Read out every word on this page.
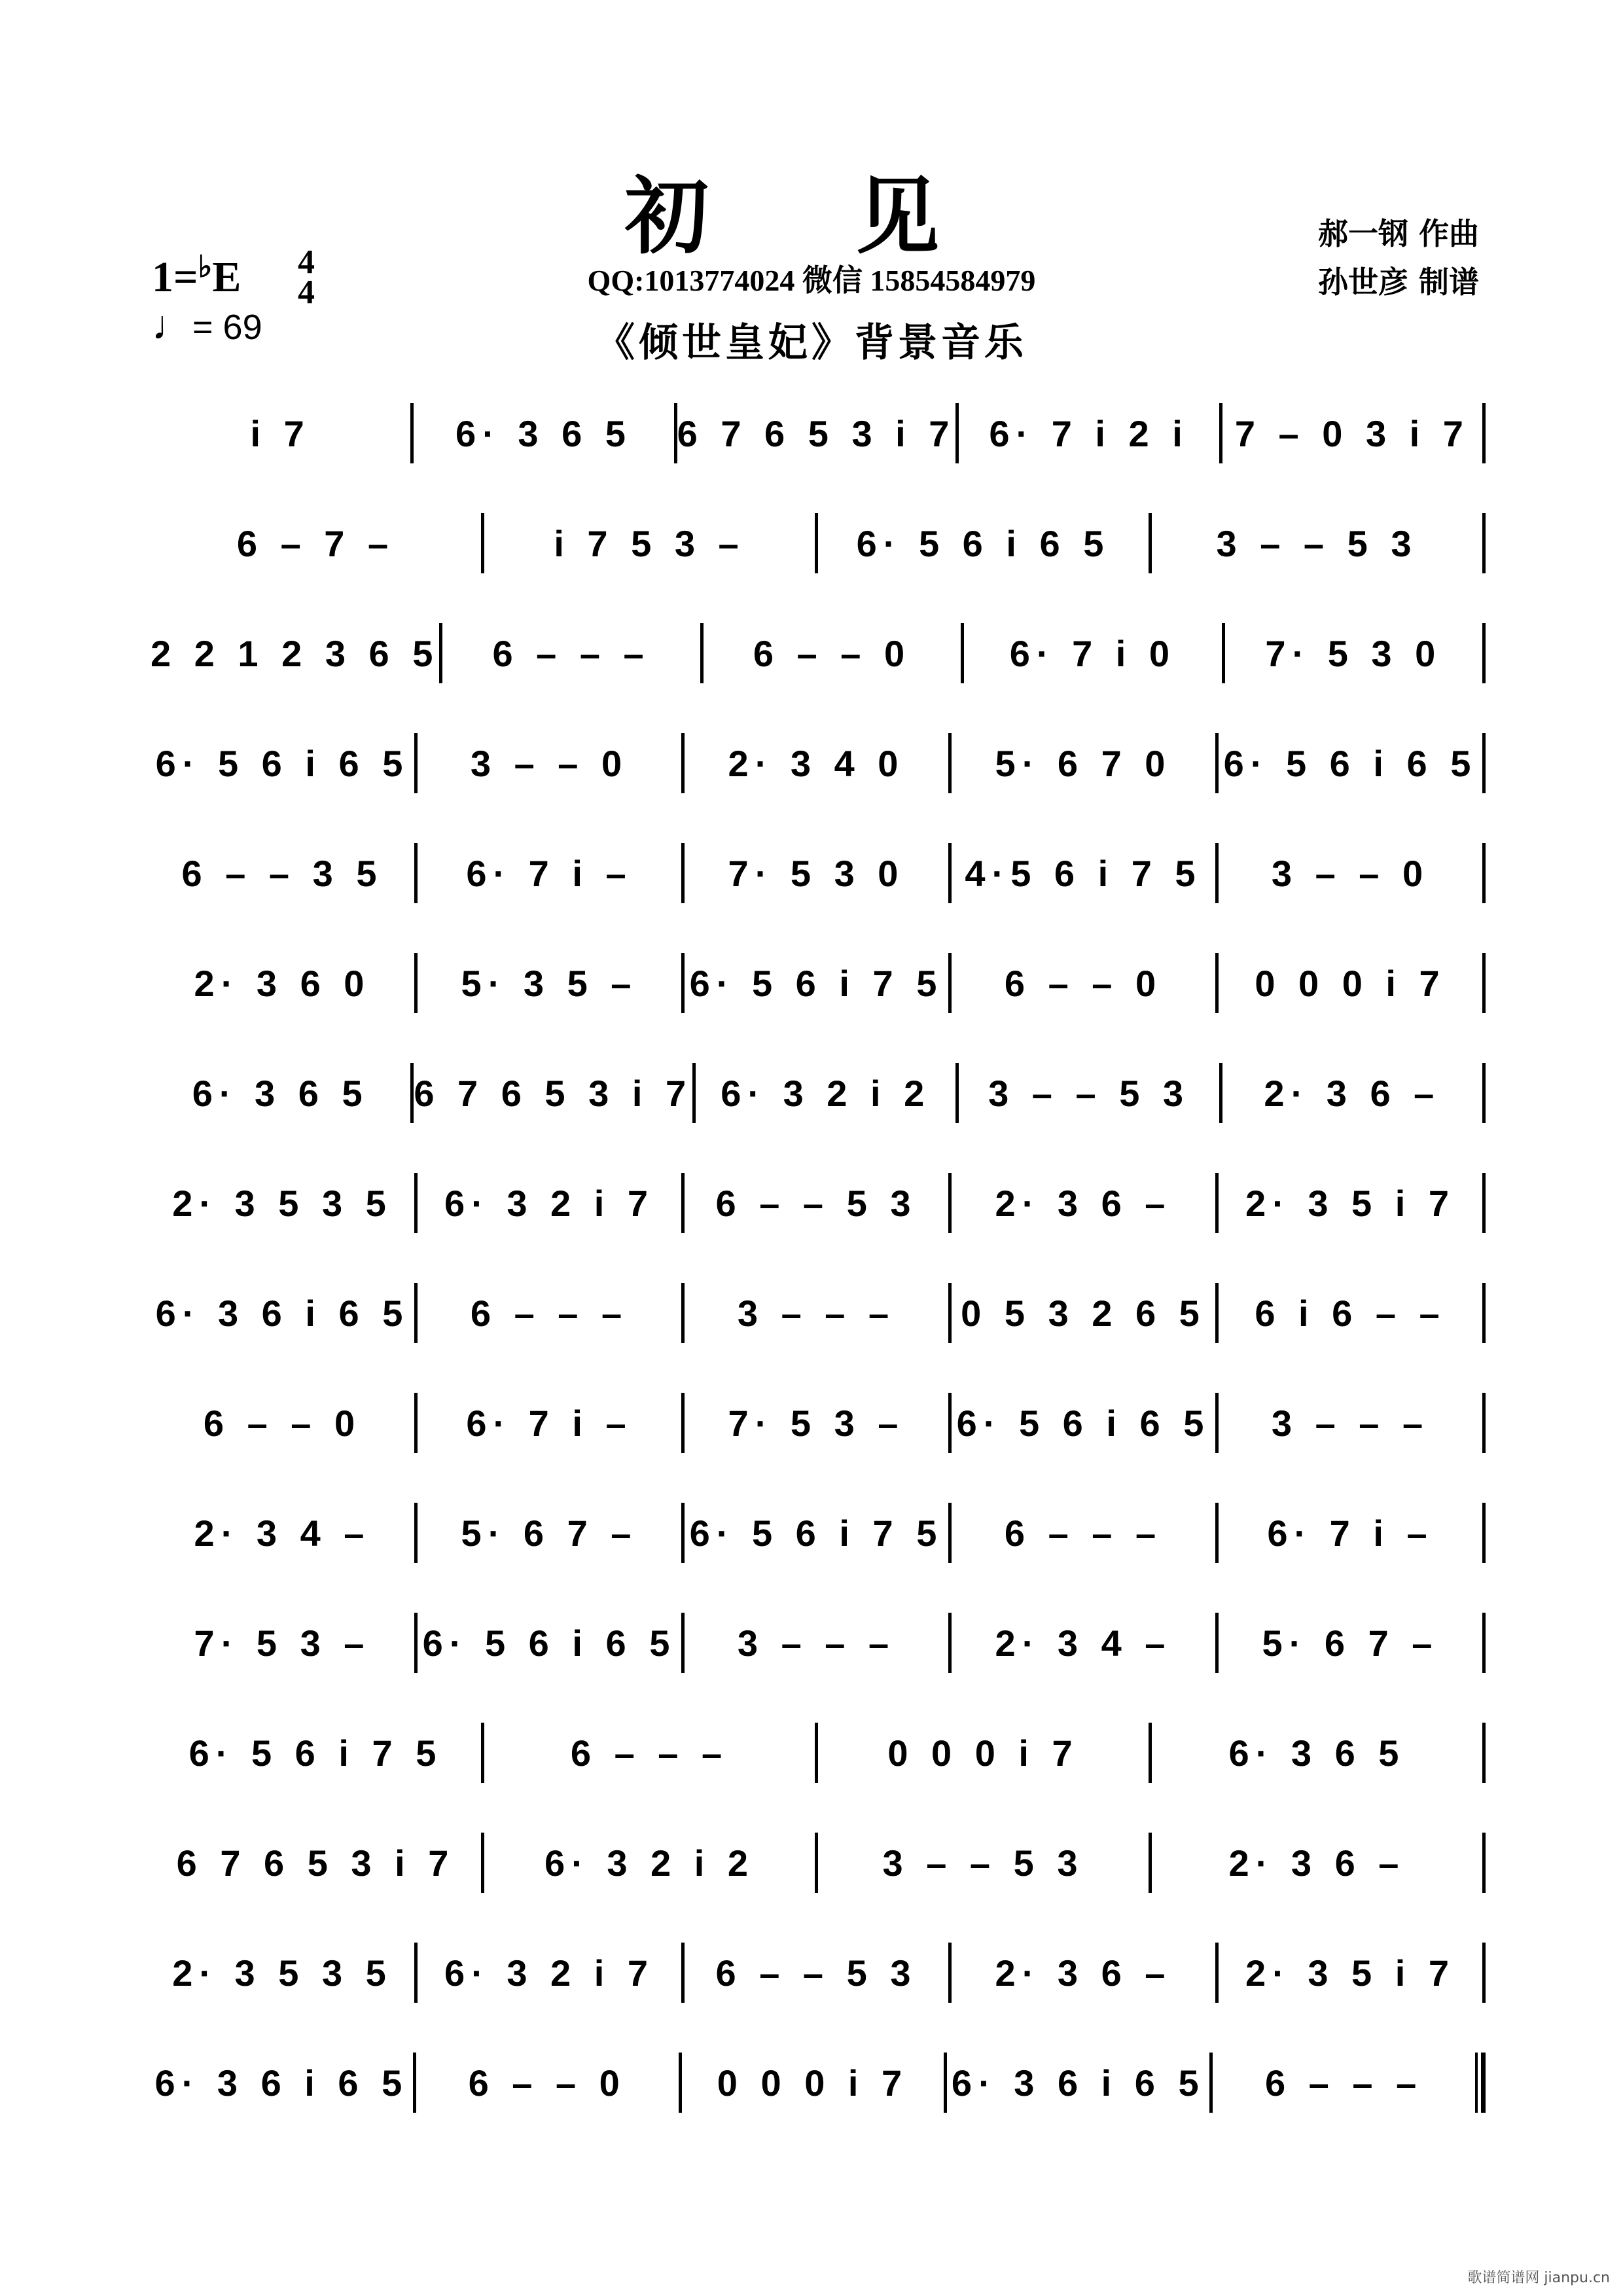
初 见
QQ:1013774024 微信 15854584979
《倾世皇妃》背景音乐
郝一钢 作曲
孙世彦 制谱
1=♭E 4
4
♩= 69
i 7	6· 3 6 5	6 7 6 5 3 i 7 6· 7 i 2 i	7 – 0 3 i 7
6 – 7 –	i 7 5 3 –	6· 5 6 i 6 5	3 – – 5 3
2 2 1 2 3 6 5	6 – – –	6 – – 0	6· 7 i 0	7· 5 3 0
6· 5 6 i 6 5	3 – – 0	2· 3 4 0	5· 6 7 0	6· 5 6 i 6 5
6 – – 3 5	6· 7 i –	7· 5 3 0	4·5 6 i 7 5	3 – – 0
2· 3 6 0	5· 3 5 –	6· 5 6 i 7 5	6 – – 0	0 0 0 i 7
6· 3 6 5	6 7 6 5 3 i 7 6· 3 2 i 2	3 – – 5 3	2· 3 6 –
2· 3 5 3 5	6· 3 2 i 7	6 – – 5 3	2· 3 6 –	2· 3 5 i 7
6· 3 6 i 6 5	6 – – –	3 – – –	0 5 3 2 6 5	6 i 6 – –
6 – – 0	6· 7 i –	7· 5 3 –	6· 5 6 i 6 5	3 – – –
2· 3 4 –	5· 6 7 –	6· 5 6 i 7 5	6 – – –	6· 7 i –
7· 5 3 –	6· 5 6 i 6 5	3 – – –	2· 3 4 –	5· 6 7 –
6· 5 6 i 7 5	6 – – –	0 0 0 i 7	6· 3 6 5
6 7 6 5 3 i 7	6· 3 2 i 2	3 – – 5 3	2· 3 6 –
2· 3 5 3 5	6· 3 2 i 7	6 – – 5 3	2· 3 6 –	2· 3 5 i 7
6· 3 6 i 6 5	6 – – 0	0 0 0 i 7	6· 3 6 i 6 5	6 – – –
歌谱简谱网 jianpu.cn
